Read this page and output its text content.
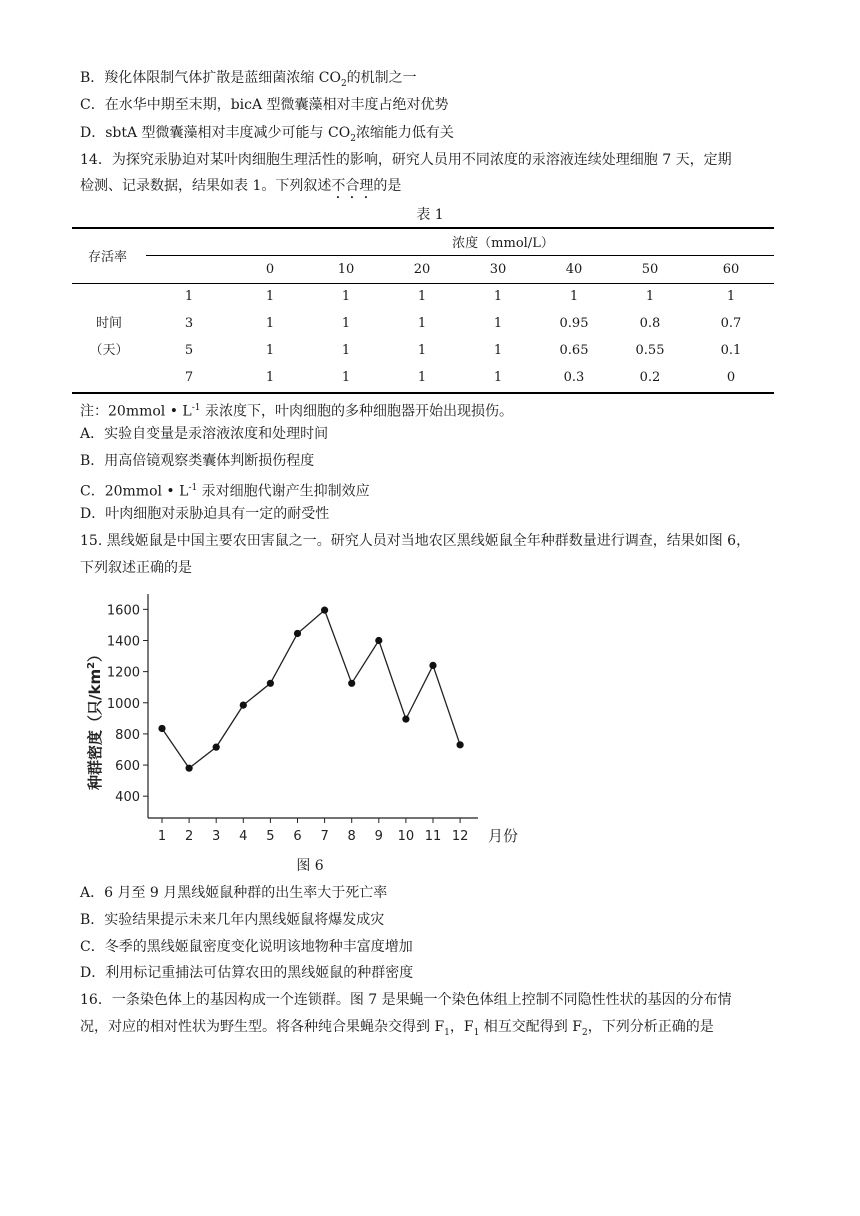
B．羧化体限制气体扩散是蓝细菌浓缩 $CO_2$的机制之一
C．在水华中期至末期，bicA 型微囊藻相对丰度占绝对优势
D．sbtA 型微囊藻相对丰度减少可能与 $CO_2$浓缩能力低有关
14．为探究汞胁迫对某叶肉细胞生理活性的影响，研究人员用不同浓度的汞溶液连续处理细胞 7 天，定期
检测、记录数据，结果如表 1。下列叙述不合理的是
表 1
存活率		浓度（mmol/L）						
		0	10	20	30	40	50	60

时间
（天）	1	1	1	1	1	1	1	1
	3	1	1	1	1	0.95	0.8	0.7
	5	1	1	1	1	0.65	0.55	0.1
	7	1	1	1	1	0.3	0.2	0
注：20mmol • $L^{-1}$ 汞浓度下，叶肉细胞的多种细胞器开始出现损伤。
A．实验自变量是汞溶液浓度和处理时间
B．用高倍镜观察类囊体判断损伤程度
C．20mmol • $L^{-1}$ 汞对细胞代谢产生抑制效应
D．叶肉细胞对汞胁迫具有一定的耐受性
15. 黑线姬鼠是中国主要农田害鼠之一。研究人员对当地农区黑线姬鼠全年种群数量进行调查，结果如图 6，
下列叙述正确的是
400
600
800
1000
1200
1400
1600
1 2 3 4 5 6 7 8 9 10 11 12
种群密度（只$/km^2$）
月份
图 6
A．6 月至 9 月黑线姬鼠种群的出生率大于死亡率
B．实验结果提示未来几年内黑线姬鼠将爆发成灾
C．冬季的黑线姬鼠密度变化说明该地物种丰富度增加
D．利用标记重捕法可估算农田的黑线姬鼠的种群密度
16．一条染色体上的基因构成一个连锁群。图 7 是果蝇一个染色体组上控制不同隐性性状的基因的分布情
况，对应的相对性状为野生型。将各种纯合果蝇杂交得到 $F_1$，$F_1$ 相互交配得到 $F_2$，下列分析正确的是
